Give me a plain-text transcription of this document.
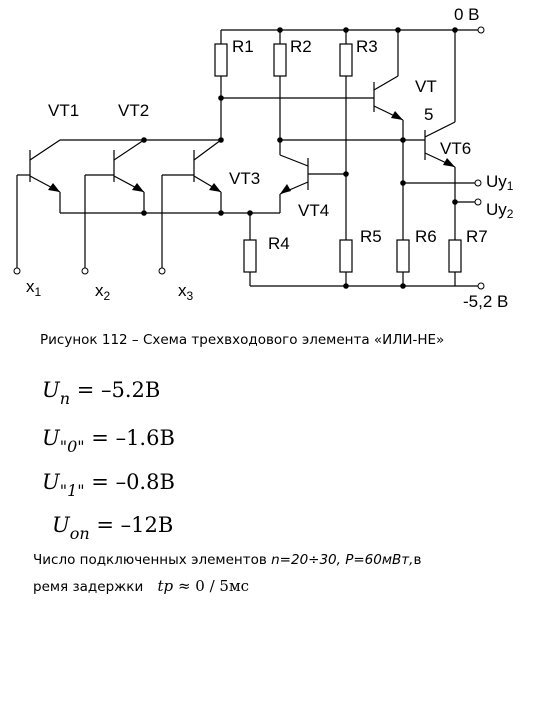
VT1 VT2
VT3
VT4
VT
5
VT6
R1 R2	R3
R4	R5 R6 R7
0 В
-5,2 В
Uy1
Uy2
$x_1$	$x_2$	$x_3$
Рисунок 112 – Схема трехвходового элемента «ИЛИ-НЕ»
$U_n = -5.2B$
$U_{"0"} = -1.6B$
$U_{"1"} = -0.8B$
$U_{on} = -12B$
Число подключенных элементов n=20÷30, P=60мВт,в
ремя задержки tp ≈ 0 / 5мс
